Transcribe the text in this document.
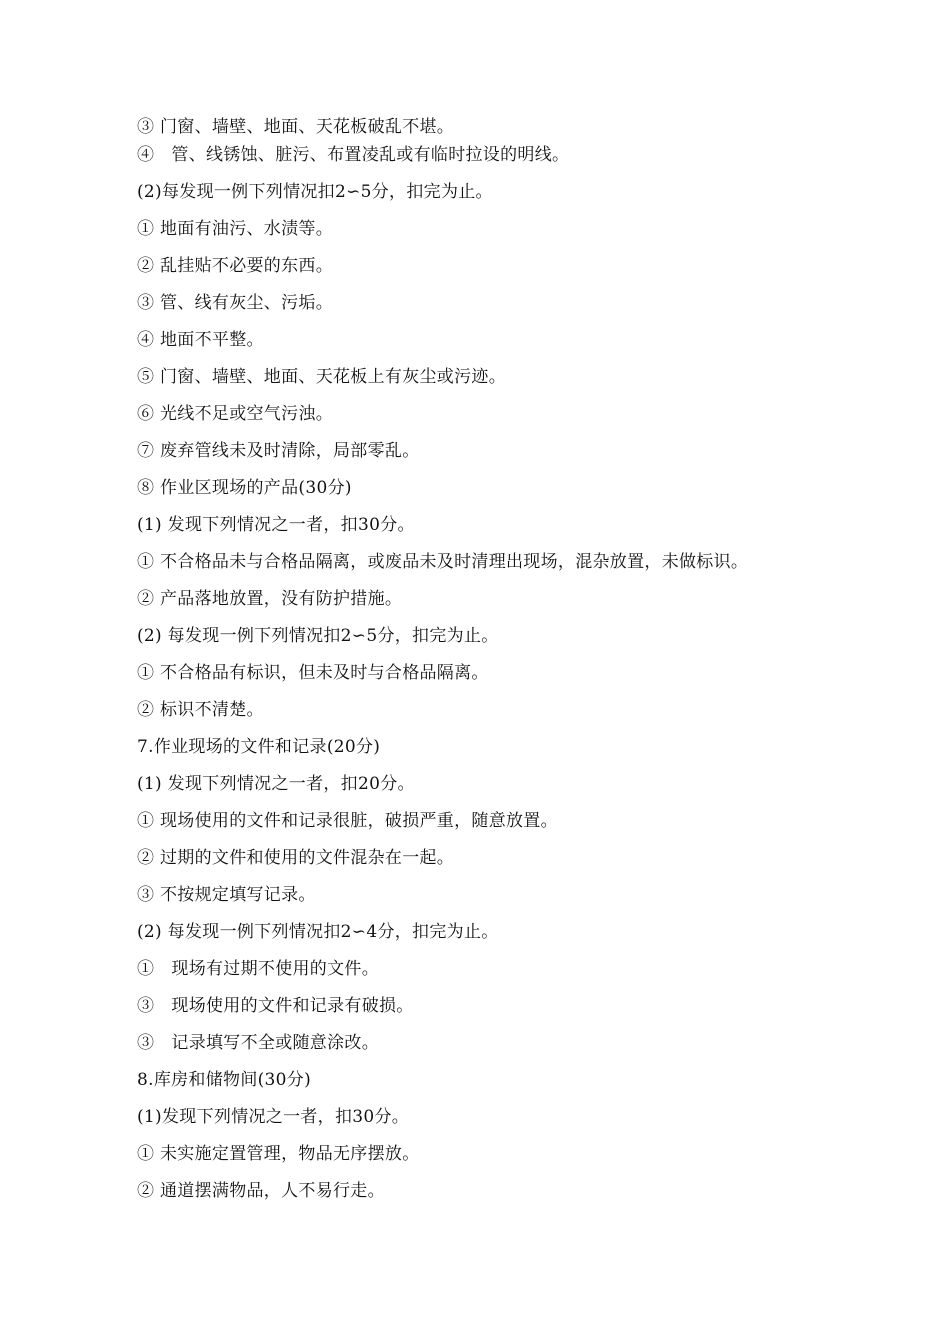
③ 门窗、墙壁、地面、天花板破乱不堪。
④   管、线锈蚀、脏污、布置凌乱或有临时拉设的明线。
(2)每发现一例下列情况扣2∽5分，扣完为止。
① 地面有油污、水渍等。
② 乱挂贴不必要的东西。
③ 管、线有灰尘、污垢。
④ 地面不平整。
⑤ 门窗、墙壁、地面、天花板上有灰尘或污迹。
⑥ 光线不足或空气污浊。
⑦ 废弃管线未及时清除，局部零乱。
⑧ 作业区现场的产品(30分)
(1) 发现下列情况之一者，扣30分。
① 不合格品未与合格品隔离，或废品未及时清理出现场，混杂放置，未做标识。
② 产品落地放置，没有防护措施。
(2) 每发现一例下列情况扣2∽5分，扣完为止。
① 不合格品有标识，但未及时与合格品隔离。
② 标识不清楚。
7.作业现场的文件和记录(20分)
(1) 发现下列情况之一者，扣20分。
① 现场使用的文件和记录很脏，破损严重，随意放置。
② 过期的文件和使用的文件混杂在一起。
③ 不按规定填写记录。
(2) 每发现一例下列情况扣2∽4分，扣完为止。
①   现场有过期不使用的文件。
③   现场使用的文件和记录有破损。
③   记录填写不全或随意涂改。
8.库房和储物间(30分)
(1)发现下列情况之一者，扣30分。
① 未实施定置管理，物品无序摆放。
② 通道摆满物品，人不易行走。
